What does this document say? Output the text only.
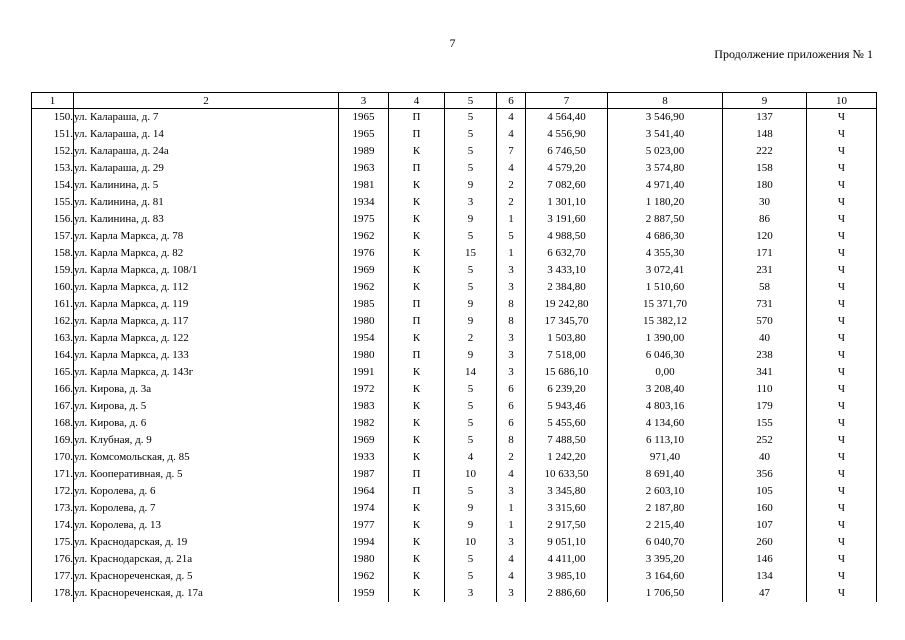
7
Продолжение приложения № 1
1	2	3	4	5	6	7	8	9	10
150.	ул. Калараша, д. 7	1965	П	5	4	4 564,40	3 546,90	137	Ч
151.	ул. Калараша, д. 14	1965	П	5	4	4 556,90	3 541,40	148	Ч
152.	ул. Калараша, д. 24а	1989	К	5	7	6 746,50	5 023,00	222	Ч
153.	ул. Калараша, д. 29	1963	П	5	4	4 579,20	3 574,80	158	Ч
154.	ул. Калинина, д. 5	1981	К	9	2	7 082,60	4 971,40	180	Ч
155.	ул. Калинина, д. 81	1934	К	3	2	1 301,10	1 180,20	30	Ч
156.	ул. Калинина, д. 83	1975	К	9	1	3 191,60	2 887,50	86	Ч
157.	ул. Карла Маркса, д. 78	1962	К	5	5	4 988,50	4 686,30	120	Ч
158.	ул. Карла Маркса, д. 82	1976	К	15	1	6 632,70	4 355,30	171	Ч
159.	ул. Карла Маркса, д. 108/1	1969	К	5	3	3 433,10	3 072,41	231	Ч
160.	ул. Карла Маркса, д. 112	1962	К	5	3	2 384,80	1 510,60	58	Ч
161.	ул. Карла Маркса, д. 119	1985	П	9	8	19 242,80	15 371,70	731	Ч
162.	ул. Карла Маркса, д. 117	1980	П	9	8	17 345,70	15 382,12	570	Ч
163.	ул. Карла Маркса, д. 122	1954	К	2	3	1 503,80	1 390,00	40	Ч
164.	ул. Карла Маркса, д. 133	1980	П	9	3	7 518,00	6 046,30	238	Ч
165.	ул. Карла Маркса, д. 143г	1991	К	14	3	15 686,10	0,00	341	Ч
166.	ул. Кирова, д. 3а	1972	К	5	6	6 239,20	3 208,40	110	Ч
167.	ул. Кирова, д. 5	1983	К	5	6	5 943,46	4 803,16	179	Ч
168.	ул. Кирова, д. 6	1982	К	5	6	5 455,60	4 134,60	155	Ч
169.	ул. Клубная, д. 9	1969	К	5	8	7 488,50	6 113,10	252	Ч
170.	ул. Комсомольская, д. 85	1933	К	4	2	1 242,20	971,40	40	Ч
171.	ул. Кооперативная, д. 5	1987	П	10	4	10 633,50	8 691,40	356	Ч
172.	ул. Королева, д. 6	1964	П	5	3	3 345,80	2 603,10	105	Ч
173.	ул. Королева, д. 7	1974	К	9	1	3 315,60	2 187,80	160	Ч
174.	ул. Королева, д. 13	1977	К	9	1	2 917,50	2 215,40	107	Ч
175.	ул. Краснодарская, д. 19	1994	К	10	3	9 051,10	6 040,70	260	Ч
176.	ул. Краснодарская, д. 21а	1980	К	5	4	4 411,00	3 395,20	146	Ч
177.	ул. Краснореченская, д. 5	1962	К	5	4	3 985,10	3 164,60	134	Ч
178.	ул. Краснореченская, д. 17а	1959	К	3	3	2 886,60	1 706,50	47	Ч
